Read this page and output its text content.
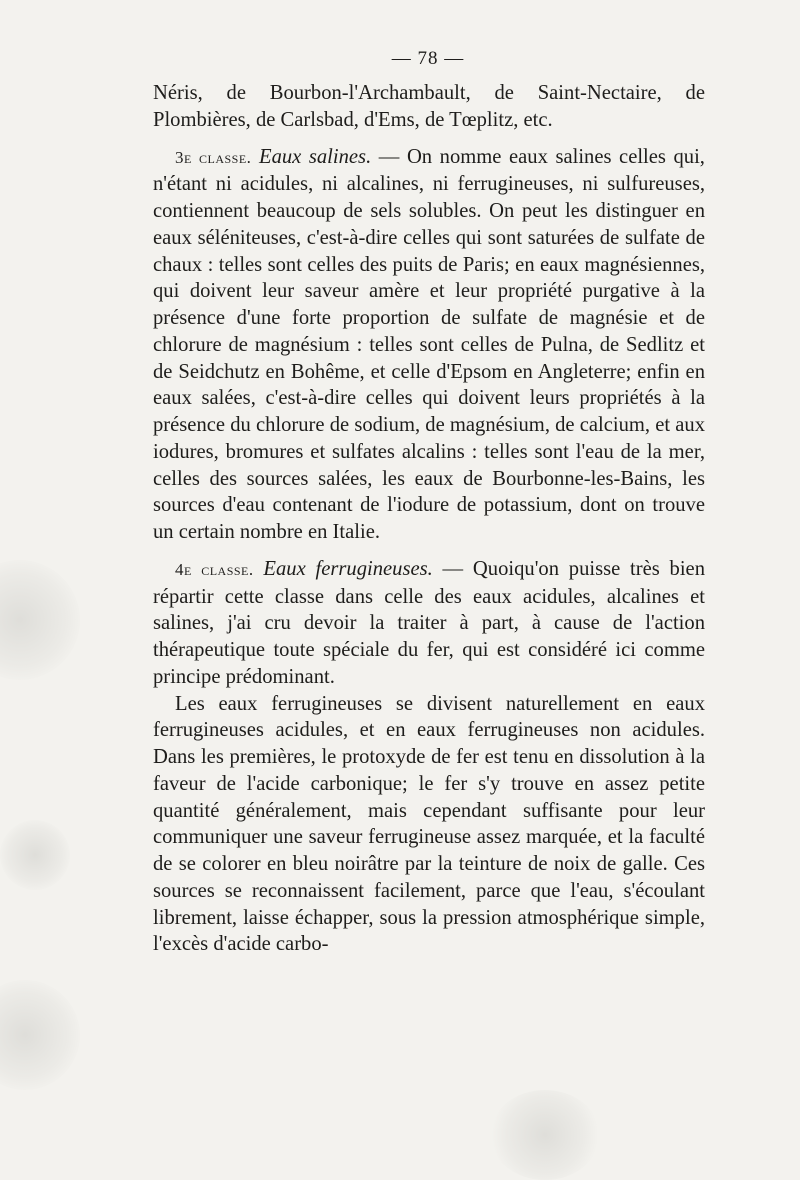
— 78 —

Néris, de Bourbon-l'Archambault, de Saint-Nectaire, de Plombières, de Carlsbad, d'Ems, de Tœplitz, etc.

3e classe. Eaux salines. — On nomme eaux salines celles qui, n'étant ni acidules, ni alcalines, ni ferrugineuses, ni sulfureuses, contiennent beaucoup de sels solubles. On peut les distinguer en eaux séléniteuses, c'est-à-dire celles qui sont saturées de sulfate de chaux : telles sont celles des puits de Paris; en eaux magnésiennes, qui doivent leur saveur amère et leur propriété purgative à la présence d'une forte proportion de sulfate de magnésie et de chlorure de magnésium : telles sont celles de Pulna, de Sedlitz et de Seidchutz en Bohême, et celle d'Epsom en Angleterre; enfin en eaux salées, c'est-à-dire celles qui doivent leurs propriétés à la présence du chlorure de sodium, de magnésium, de calcium, et aux iodures, bromures et sulfates alcalins : telles sont l'eau de la mer, celles des sources salées, les eaux de Bourbonne-les-Bains, les sources d'eau contenant de l'iodure de potassium, dont on trouve un certain nombre en Italie.

4e classe. Eaux ferrugineuses. — Quoiqu'on puisse très bien répartir cette classe dans celle des eaux acidules, alcalines et salines, j'ai cru devoir la traiter à part, à cause de l'action thérapeutique toute spéciale du fer, qui est considéré ici comme principe prédominant.

Les eaux ferrugineuses se divisent naturellement en eaux ferrugineuses acidules, et en eaux ferrugineuses non acidules. Dans les premières, le protoxyde de fer est tenu en dissolution à la faveur de l'acide carbonique; le fer s'y trouve en assez petite quantité généralement, mais cependant suffisante pour leur communiquer une saveur ferrugineuse assez marquée, et la faculté de se colorer en bleu noirâtre par la teinture de noix de galle. Ces sources se reconnaissent facilement, parce que l'eau, s'écoulant librement, laisse échapper, sous la pression atmosphérique simple, l'excès d'acide carbo-
